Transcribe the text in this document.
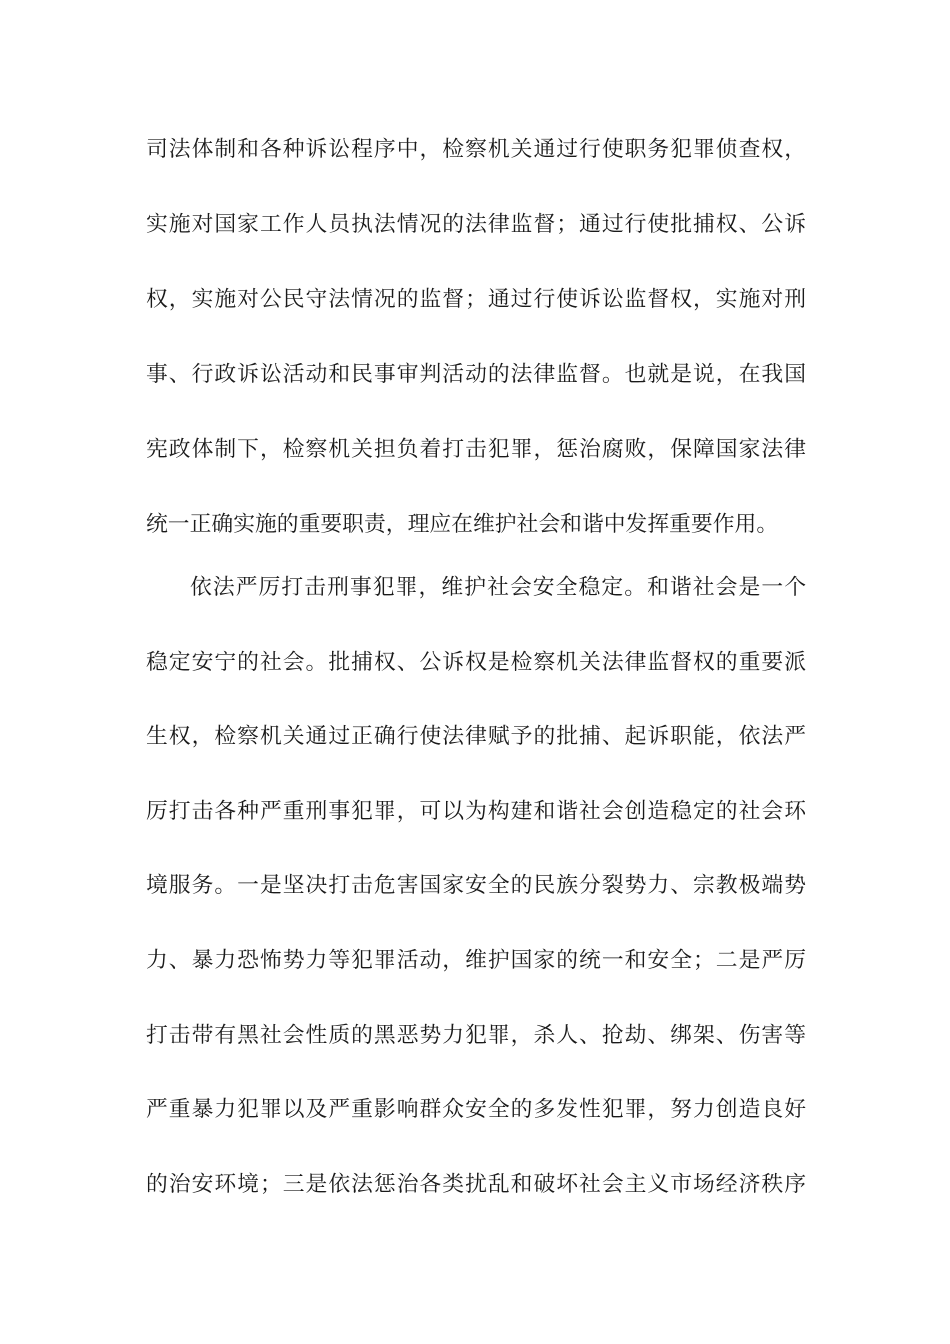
司法体制和各种诉讼程序中，检察机关通过行使职务犯罪侦查权，
实施对国家工作人员执法情况的法律监督；通过行使批捕权、公诉
权，实施对公民守法情况的监督；通过行使诉讼监督权，实施对刑
事、行政诉讼活动和民事审判活动的法律监督。也就是说，在我国
宪政体制下，检察机关担负着打击犯罪，惩治腐败，保障国家法律
统一正确实施的重要职责，理应在维护社会和谐中发挥重要作用。
依法严厉打击刑事犯罪，维护社会安全稳定。和谐社会是一个
稳定安宁的社会。批捕权、公诉权是检察机关法律监督权的重要派
生权，检察机关通过正确行使法律赋予的批捕、起诉职能，依法严
厉打击各种严重刑事犯罪，可以为构建和谐社会创造稳定的社会环
境服务。一是坚决打击危害国家安全的民族分裂势力、宗教极端势
力、暴力恐怖势力等犯罪活动，维护国家的统一和安全；二是严厉
打击带有黑社会性质的黑恶势力犯罪，杀人、抢劫、绑架、伤害等
严重暴力犯罪以及严重影响群众安全的多发性犯罪，努力创造良好
的治安环境；三是依法惩治各类扰乱和破坏社会主义市场经济秩序
